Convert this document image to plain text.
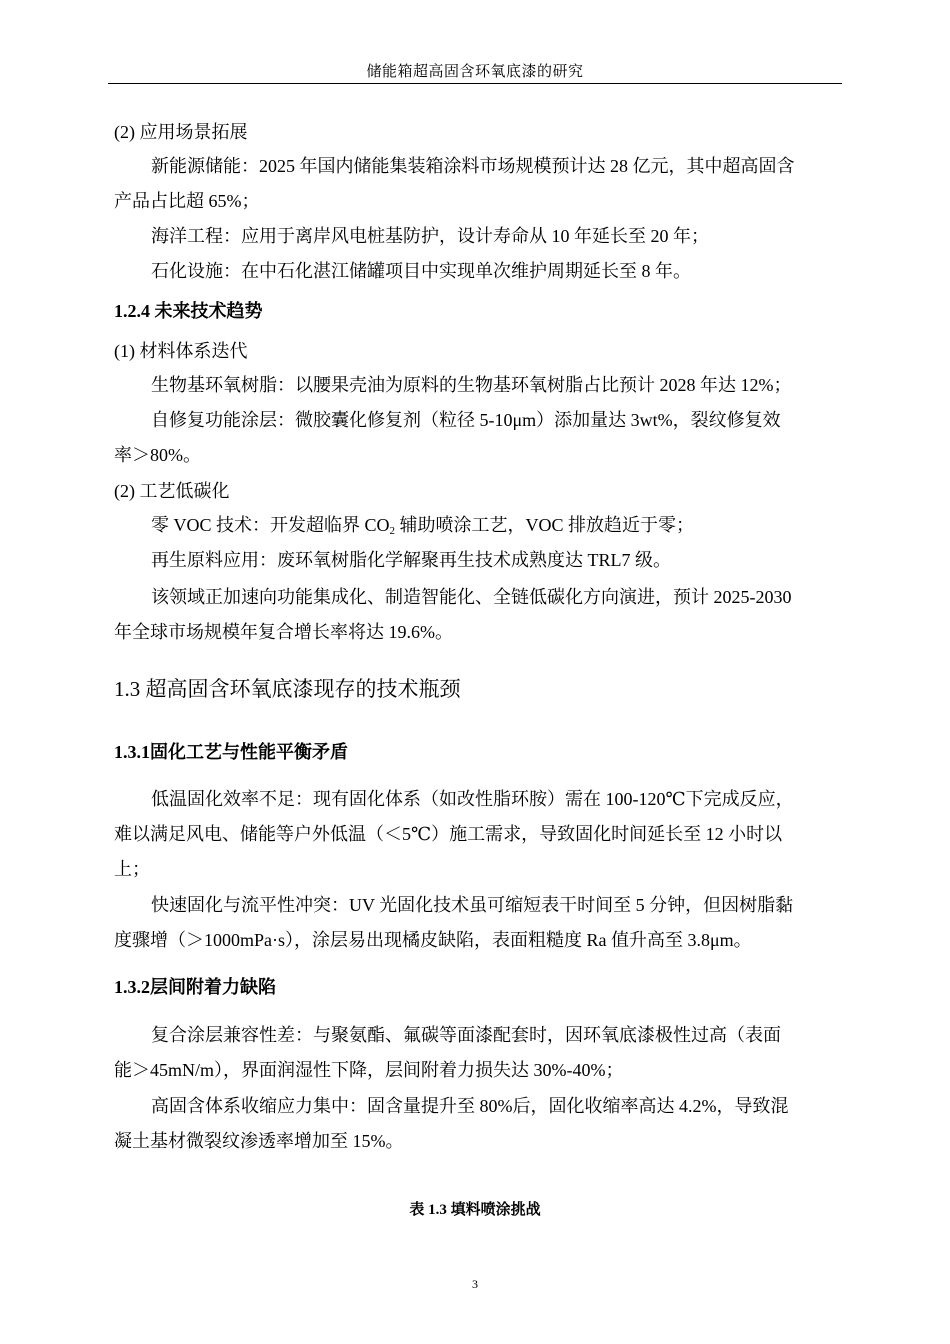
储能箱超高固含环氧底漆的研究
(2) 应用场景拓展
新能源储能：2025 年国内储能集装箱涂料市场规模预计达 28 亿元，其中超高固含
产品占比超 65%；
海洋工程：应用于离岸风电桩基防护，设计寿命从 10 年延长至 20 年；
石化设施：在中石化湛江储罐项目中实现单次维护周期延长至 8 年。
1.2.4 未来技术趋势
(1) 材料体系迭代
生物基环氧树脂：以腰果壳油为原料的生物基环氧树脂占比预计 2028 年达 12%；
自修复功能涂层：微胶囊化修复剂（粒径 5-10μm）添加量达 3wt%，裂纹修复效
率＞80%。
(2) 工艺低碳化
零 VOC 技术：开发超临界 $CO_2$ 辅助喷涂工艺，VOC 排放趋近于零；
再生原料应用：废环氧树脂化学解聚再生技术成熟度达 TRL7 级。
该领域正加速向功能集成化、制造智能化、全链低碳化方向演进，预计 2025-2030
年全球市场规模年复合增长率将达 19.6%。
1.3 超高固含环氧底漆现存的技术瓶颈
1.3.1固化工艺与性能平衡矛盾
低温固化效率不足：现有固化体系（如改性脂环胺）需在 100-120℃下完成反应，
难以满足风电、储能等户外低温（＜5℃）施工需求，导致固化时间延长至 12 小时以
上；
快速固化与流平性冲突：UV 光固化技术虽可缩短表干时间至 5 分钟，但因树脂黏
度骤增（＞1000mPa·s），涂层易出现橘皮缺陷，表面粗糙度 Ra 值升高至 3.8μm。
1.3.2层间附着力缺陷
复合涂层兼容性差：与聚氨酯、氟碳等面漆配套时，因环氧底漆极性过高（表面
能＞45mN/m），界面润湿性下降，层间附着力损失达 30%-40%；
高固含体系收缩应力集中：固含量提升至 80%后，固化收缩率高达 4.2%，导致混
凝土基材微裂纹渗透率增加至 15%。
表 1.3 填料喷涂挑战
3
